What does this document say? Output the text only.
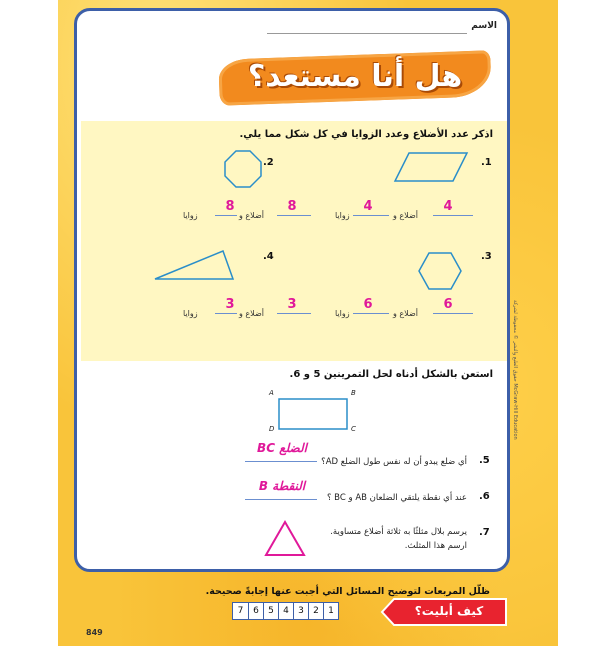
الاسم
هل أنا مستعد؟
اذكر عدد الأضلاع وعدد الزوايا في كل شكل مما يلي.
.1
4
أضلاع و
4
زوايا
.2
8
أضلاع و
8
زوايا
.3
6
أضلاع و
6
زوايا
.4
3
أضلاع و
3
زوايا
استعن بالشكل أدناه لحل التمرينين 5 و 6.
A	B
C
D
.5
أي ضلع يبدو أن له نفس طول الضلع AD؟
الضلع BC
.6
عند أي نقطة يلتقي الضلعان AB و BC ؟
النقطة B
.7
يرسم بلال مثلثًا به ثلاثة أضلاع متساوية.
ارسم هذا المثلث.
حقوق الطبع والنشر © محفوظة لشركة McGraw-Hill Education
ظلّل المربعات لتوضيح المسائل التي أجبت عنها إجابةً صحيحة.
7	6	5	4	3	2	1	كيف أبليت؟
849
